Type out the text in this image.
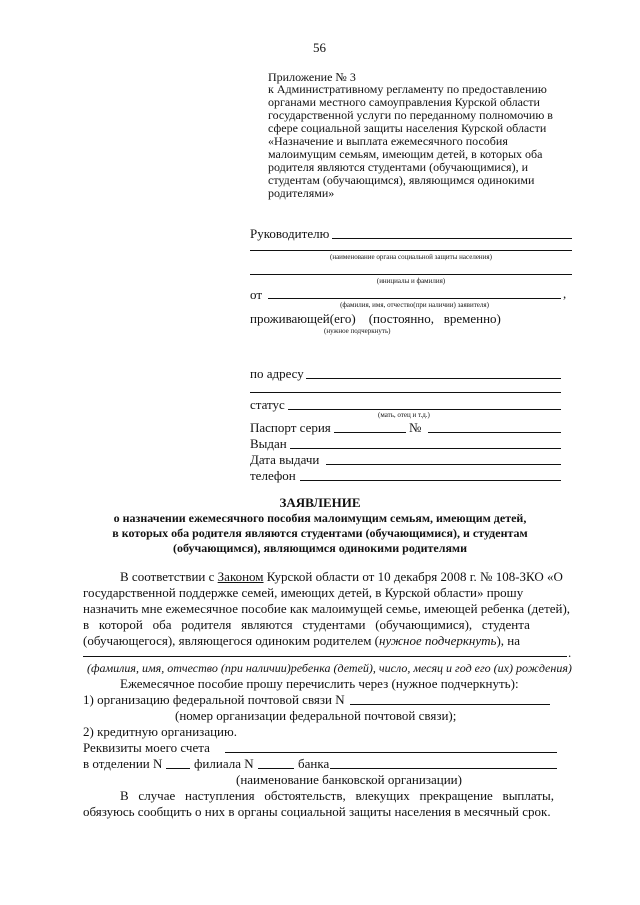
56
Приложение № 3
к Административному регламенту по предоставлению
органами местного самоуправления Курской области
государственной услуги по переданному полномочию в
сфере социальной защиты населения Курской области
«Назначение и выплата ежемесячного пособия
малоимущим семьям, имеющим детей, в которых оба
родителя являются студентами (обучающимися), и
студентам (обучающимся), являющимся одинокими
родителями»
Руководителю
(наименование органа социальной защиты населения)
(инициалы и фамилия)
от	,
(фамилия, имя, отчество(при наличии) заявителя)
проживающей(его)    (постоянно,   временно)
(нужное подчеркнуть)
по адресу
статус
(мать, отец и т.д.)
Паспорт серия	№
Выдан
Дата выдачи
телефон
ЗАЯВЛЕНИЕ
о назначении ежемесячного пособия малоимущим семьям, имеющим детей,
в которых оба родителя являются студентами (обучающимися), и студентам
(обучающимся), являющимся одинокими родителями
В соответствии с Законом Курской области от 10 декабря 2008 г. № 108-ЗКО «О
государственной поддержке семей, имеющих детей, в Курской области» прошу
назначить мне ежемесячное пособие как малоимущей семье, имеющей ребенка (детей),
в   которой   оба   родителя   являются   студентами   (обучающимися),   студента
(обучающегося), являющегося одиноким родителем (нужное подчеркнуть), на
.
(фамилия, имя, отчество (при наличии)ребенка (детей), число, месяц и год его (их) рождения)
Ежемесячное пособие прошу перечислить через (нужное подчеркнуть):
1) организацию федеральной почтовой связи N
(номер организации федеральной почтовой связи);
2) кредитную организацию.
Реквизиты моего счета
в отделении N филиала N	банка
(наименование банковской организации)
В   случае   наступления   обстоятельств,   влекущих   прекращение   выплаты,
обязуюсь сообщить о них в органы социальной защиты населения в месячный срок.
